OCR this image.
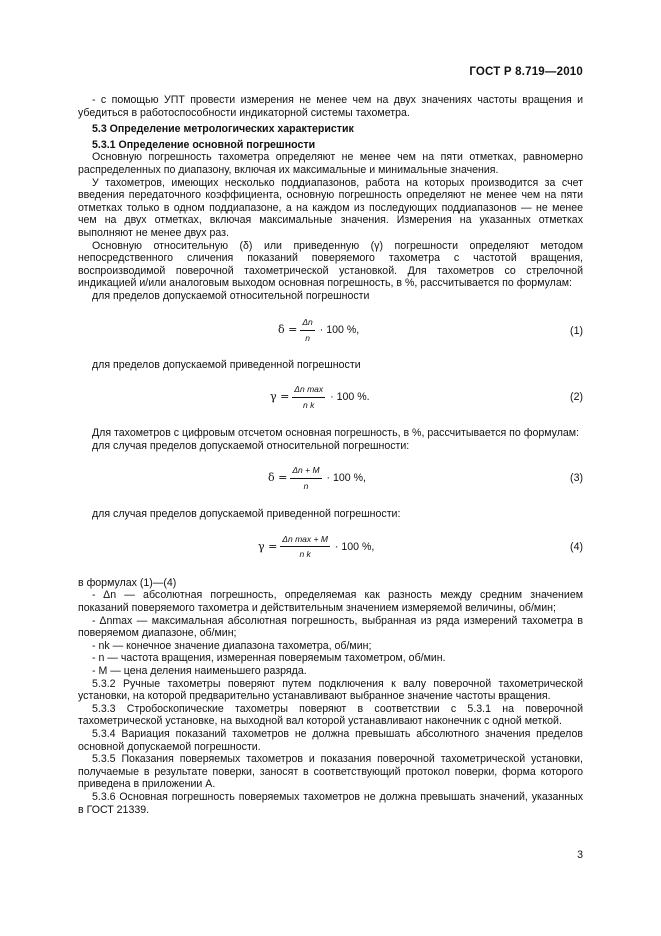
ГОСТ Р 8.719—2010

- с помощью УПТ провести измерения не менее чем на двух значениях частоты вращения и убедиться в работоспособности индикаторной системы тахометра.

5.3 Определение метрологических характеристик

5.3.1 Определение основной погрешности

Основную погрешность тахометра определяют не менее чем на пяти отметках, равномерно распределенных по диапазону, включая их максимальные и минимальные значения.

У тахометров, имеющих несколько поддиапазонов, работа на которых производится за счет введения передаточного коэффициента, основную погрешность определяют не менее чем на пяти отметках только в одном поддиапазоне, а на каждом из последующих поддиапазонов — не менее чем на двух отметках, включая максимальные значения. Измерения на указанных отметках выполняют не менее двух раз.

Основную относительную (δ) или приведенную (γ) погрешности определяют методом непосредственного сличения показаний поверяемого тахометра с частотой вращения, воспроизводимой поверочной тахометрической установкой. Для тахометров со стрелочной индикацией и/или аналоговым выходом основная погрешность, в %, рассчитывается по формулам:

для пределов допускаемой относительной погрешности

$\delta = \frac{\Delta n}{n} \cdot 100$ %,	(1)

для пределов допускаемой приведенной погрешности

$\gamma = \frac{\text{Δn max}}{\text{n k}} \cdot 100$ %.	(2)

Для тахометров с цифровым отсчетом основная погрешность, в %, рассчитывается по формулам:

для случая пределов допускаемой относительной погрешности:

$\delta = \frac{\Delta n + M}{n} \cdot 100$ %,	(3)

для случая пределов допускаемой приведенной погрешности:

$\gamma = \frac{\text{Δn max + M}}{\text{n k}} \cdot 100$ %,	(4)

в формулах (1)—(4)

- Δn — абсолютная погрешность, определяемая как разность между средним значением показаний поверяемого тахометра и действительным значением измеряемой величины, об/мин;

- Δnmax — максимальная абсолютная погрешность, выбранная из ряда измерений тахометра в поверяемом диапазоне, об/мин;

- nk — конечное значение диапазона тахометра, об/мин;

- n — частота вращения, измеренная поверяемым тахометром, об/мин.

- M — цена деления наименьшего разряда.

5.3.2 Ручные тахометры поверяют путем подключения к валу поверочной тахометрической установки, на которой предварительно устанавливают выбранное значение частоты вращения.

5.3.3 Стробоскопические тахометры поверяют в соответствии с 5.3.1 на поверочной тахометрической установке, на выходной вал которой устанавливают наконечник с одной меткой.

5.3.4 Вариация показаний тахометров не должна превышать абсолютного значения пределов основной допускаемой погрешности.

5.3.5 Показания поверяемых тахометров и показания поверочной тахометрической установки, получаемые в результате поверки, заносят в соответствующий протокол поверки, форма которого приведена в приложении А.

5.3.6 Основная погрешность поверяемых тахометров не должна превышать значений, указанных в ГОСТ 21339.

3
